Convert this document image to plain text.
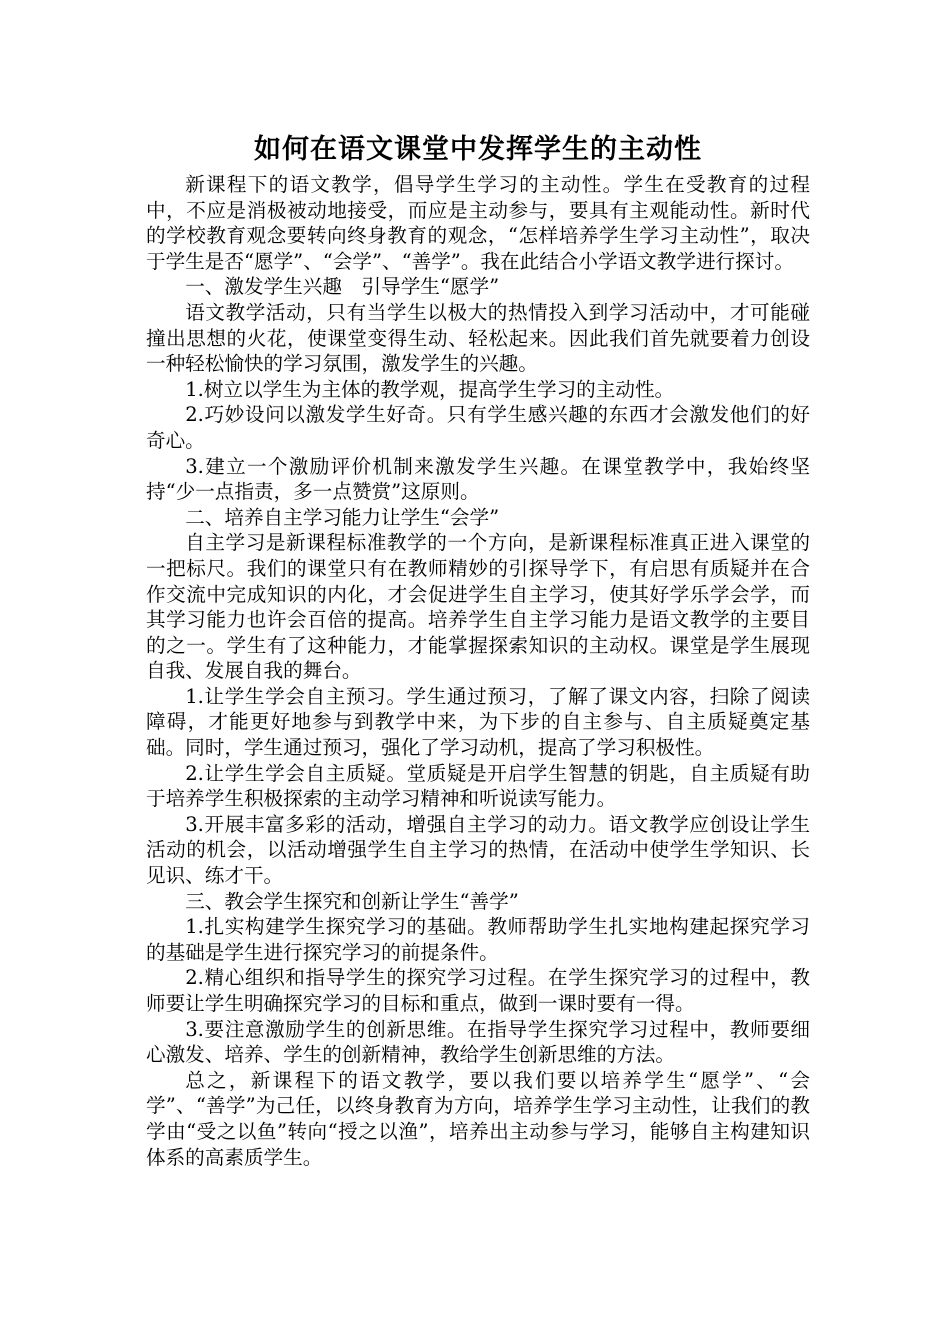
如何在语文课堂中发挥学生的主动性

新课程下的语文教学，倡导学生学习的主动性。学生在受教育的过程中，不应是消极被动地接受，而应是主动参与，要具有主观能动性。新时代的学校教育观念要转向终身教育的观念，“怎样培养学生学习主动性”，取决于学生是否“愿学”、“会学”、“善学”。我在此结合小学语文教学进行探讨。

一、激发学生兴趣　引导学生“愿学”

语文教学活动，只有当学生以极大的热情投入到学习活动中，才可能碰撞出思想的火花，使课堂变得生动、轻松起来。因此我们首先就要着力创设一种轻松愉快的学习氛围，激发学生的兴趣。

1.树立以学生为主体的教学观，提高学生学习的主动性。

2.巧妙设问以激发学生好奇。只有学生感兴趣的东西才会激发他们的好奇心。

3.建立一个激励评价机制来激发学生兴趣。在课堂教学中，我始终坚持“少一点指责，多一点赞赏”这原则。

二、培养自主学习能力让学生“会学”

自主学习是新课程标准教学的一个方向，是新课程标准真正进入课堂的一把标尺。我们的课堂只有在教师精妙的引探导学下，有启思有质疑并在合作交流中完成知识的内化，才会促进学生自主学习，使其好学乐学会学，而其学习能力也许会百倍的提高。培养学生自主学习能力是语文教学的主要目的之一。学生有了这种能力，才能掌握探索知识的主动权。课堂是学生展现自我、发展自我的舞台。

1.让学生学会自主预习。学生通过预习，了解了课文内容，扫除了阅读障碍，才能更好地参与到教学中来，为下步的自主参与、自主质疑奠定基础。同时，学生通过预习，强化了学习动机，提高了学习积极性。

2.让学生学会自主质疑。堂质疑是开启学生智慧的钥匙，自主质疑有助于培养学生积极探索的主动学习精神和听说读写能力。

3.开展丰富多彩的活动，增强自主学习的动力。语文教学应创设让学生活动的机会，以活动增强学生自主学习的热情，在活动中使学生学知识、长见识、练才干。

三、教会学生探究和创新让学生“善学”

1.扎实构建学生探究学习的基础。教师帮助学生扎实地构建起探究学习的基础是学生进行探究学习的前提条件。

2.精心组织和指导学生的探究学习过程。在学生探究学习的过程中，教师要让学生明确探究学习的目标和重点，做到一课时要有一得。

3.要注意激励学生的创新思维。在指导学生探究学习过程中，教师要细心激发、培养、学生的创新精神，教给学生创新思维的方法。

总之，新课程下的语文教学，要以我们要以培养学生“愿学”、“会学”、“善学”为己任，以终身教育为方向，培养学生学习主动性，让我们的教学由“受之以鱼”转向“授之以渔”，培养出主动参与学习，能够自主构建知识体系的高素质学生。
